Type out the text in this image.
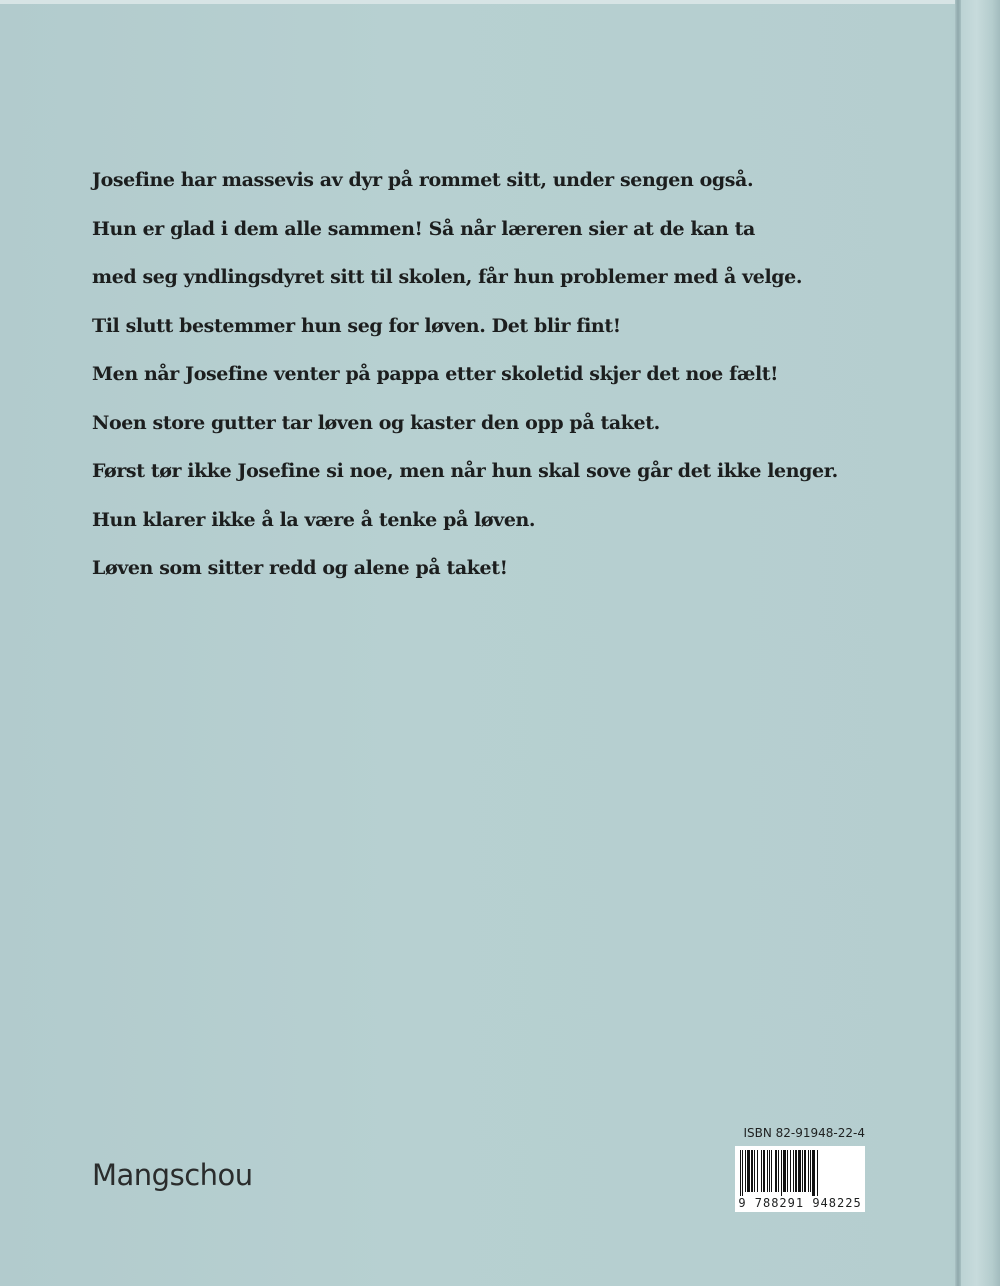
Josefine har massevis av dyr på rommet sitt, under sengen også.
Hun er glad i dem alle sammen! Så når læreren sier at de kan ta
med seg yndlingsdyret sitt til skolen, får hun problemer med å velge.
Til slutt bestemmer hun seg for løven. Det blir fint!
Men når Josefine venter på pappa etter skoletid skjer det noe fælt!
Noen store gutter tar løven og kaster den opp på taket.
Først tør ikke Josefine si noe, men når hun skal sove går det ikke lenger.
Hun klarer ikke å la være å tenke på løven.
Løven som sitter redd og alene på taket!
Mangschou
ISBN 82-91948-22-4
9 788291 948225
